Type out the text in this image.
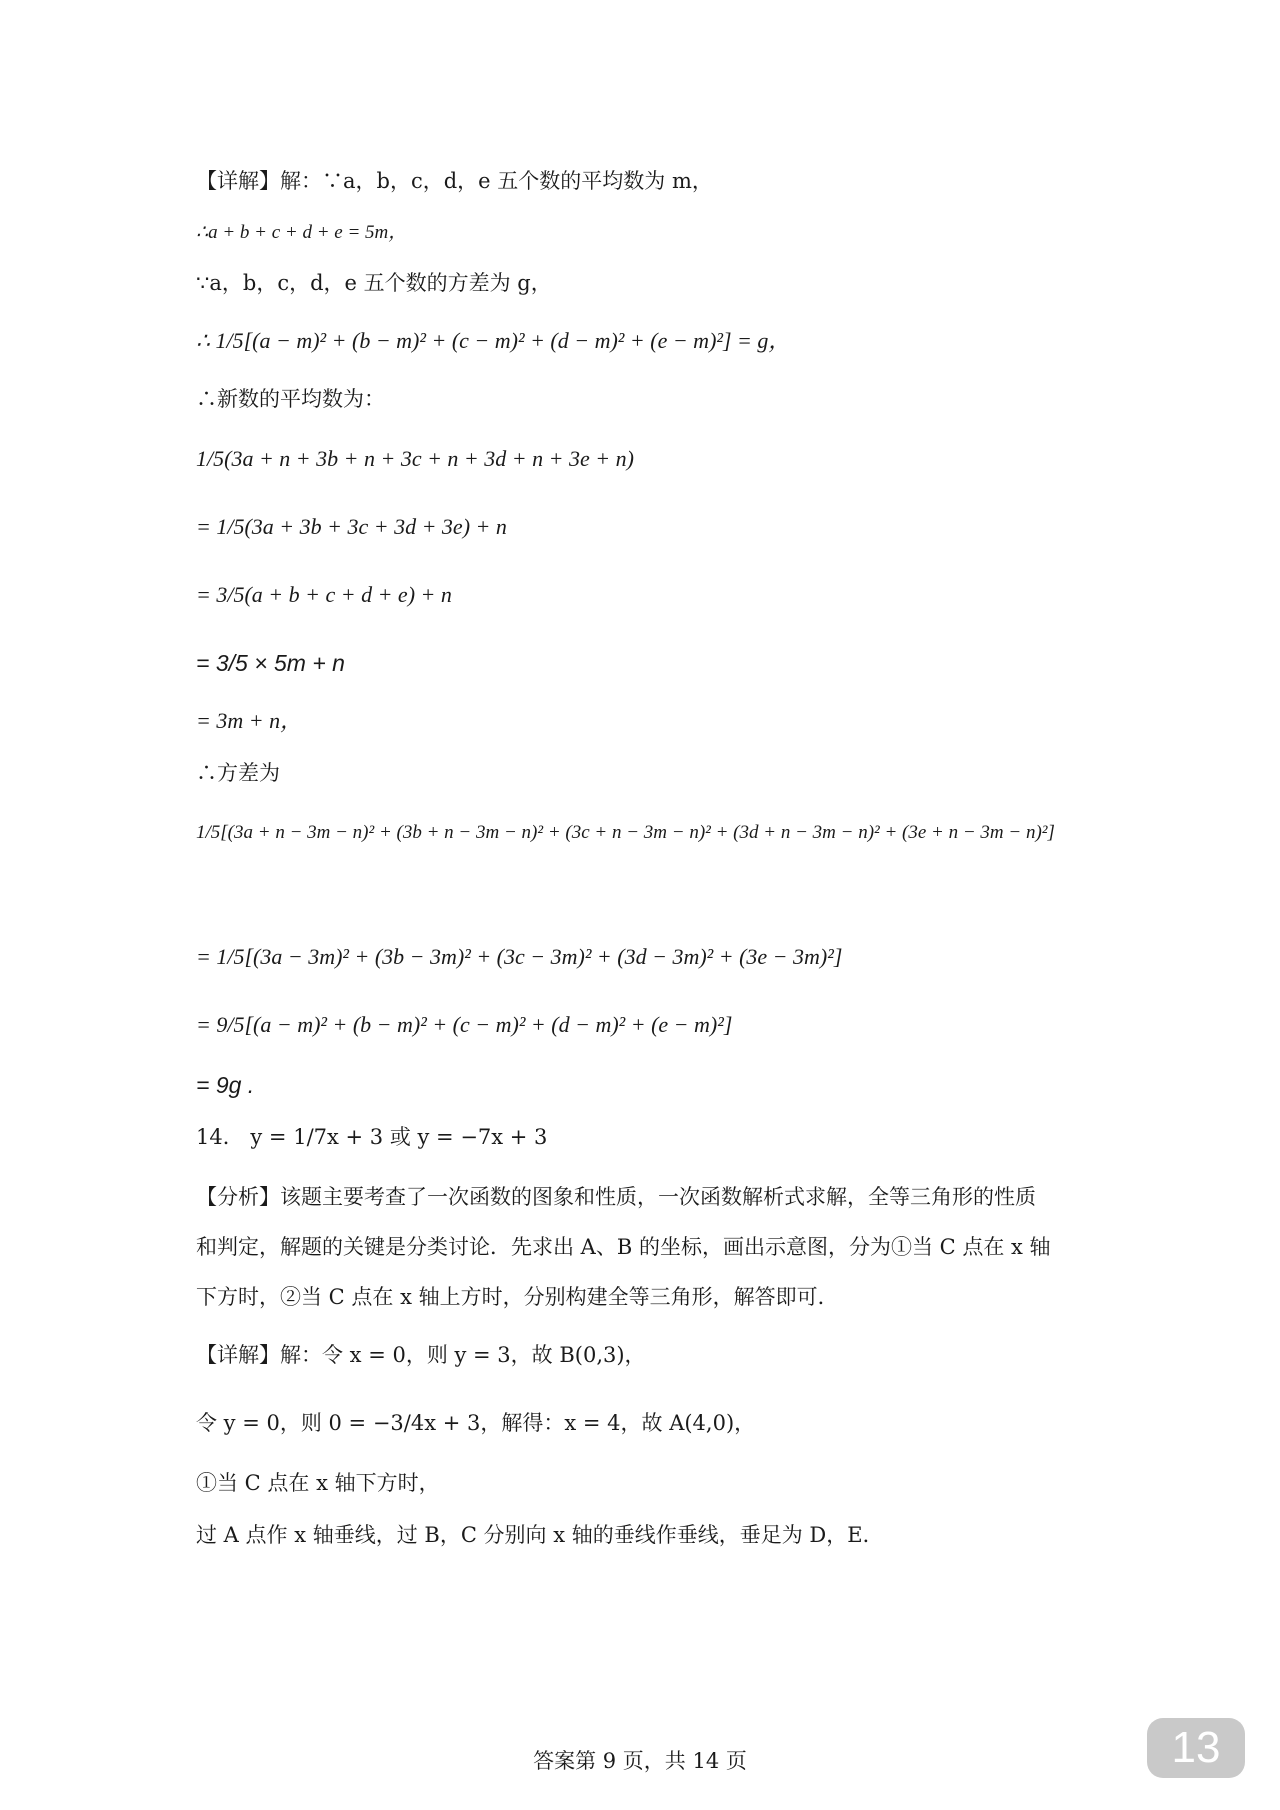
【详解】解：∵a，b，c，d，e 五个数的平均数为 m，
∴a + b + c + d + e = 5m，
∵a，b，c，d，e 五个数的方差为 g，
∴ 1/5[(a − m)² + (b − m)² + (c − m)² + (d − m)² + (e − m)²] = g，
∴新数的平均数为：
1/5(3a + n + 3b + n + 3c + n + 3d + n + 3e + n)
= 1/5(3a + 3b + 3c + 3d + 3e) + n
= 3/5(a + b + c + d + e) + n
= 3/5 × 5m + n
= 3m + n，
∴方差为
1/5[(3a + n − 3m − n)² + (3b + n − 3m − n)² + (3c + n − 3m − n)² + (3d + n − 3m − n)² + (3e + n − 3m − n)²]
= 1/5[(3a − 3m)² + (3b − 3m)² + (3c − 3m)² + (3d − 3m)² + (3e − 3m)²]
= 9/5[(a − m)² + (b − m)² + (c − m)² + (d − m)² + (e − m)²]
= 9g .
14． y = 1/7x + 3 或 y = −7x + 3
【分析】该题主要考查了一次函数的图象和性质，一次函数解析式求解，全等三角形的性质
和判定，解题的关键是分类讨论．先求出 A、B 的坐标，画出示意图，分为①当 C 点在 x 轴
下方时，②当 C 点在 x 轴上方时，分别构建全等三角形，解答即可．
【详解】解：令 x = 0，则 y = 3，故 B(0,3)，
令 y = 0，则 0 = −3/4x + 3，解得：x = 4，故 A(4,0)，
①当 C 点在 x 轴下方时，
过 A 点作 x 轴垂线，过 B，C 分别向 x 轴的垂线作垂线，垂足为 D，E．
答案第 9 页，共 14 页	13
